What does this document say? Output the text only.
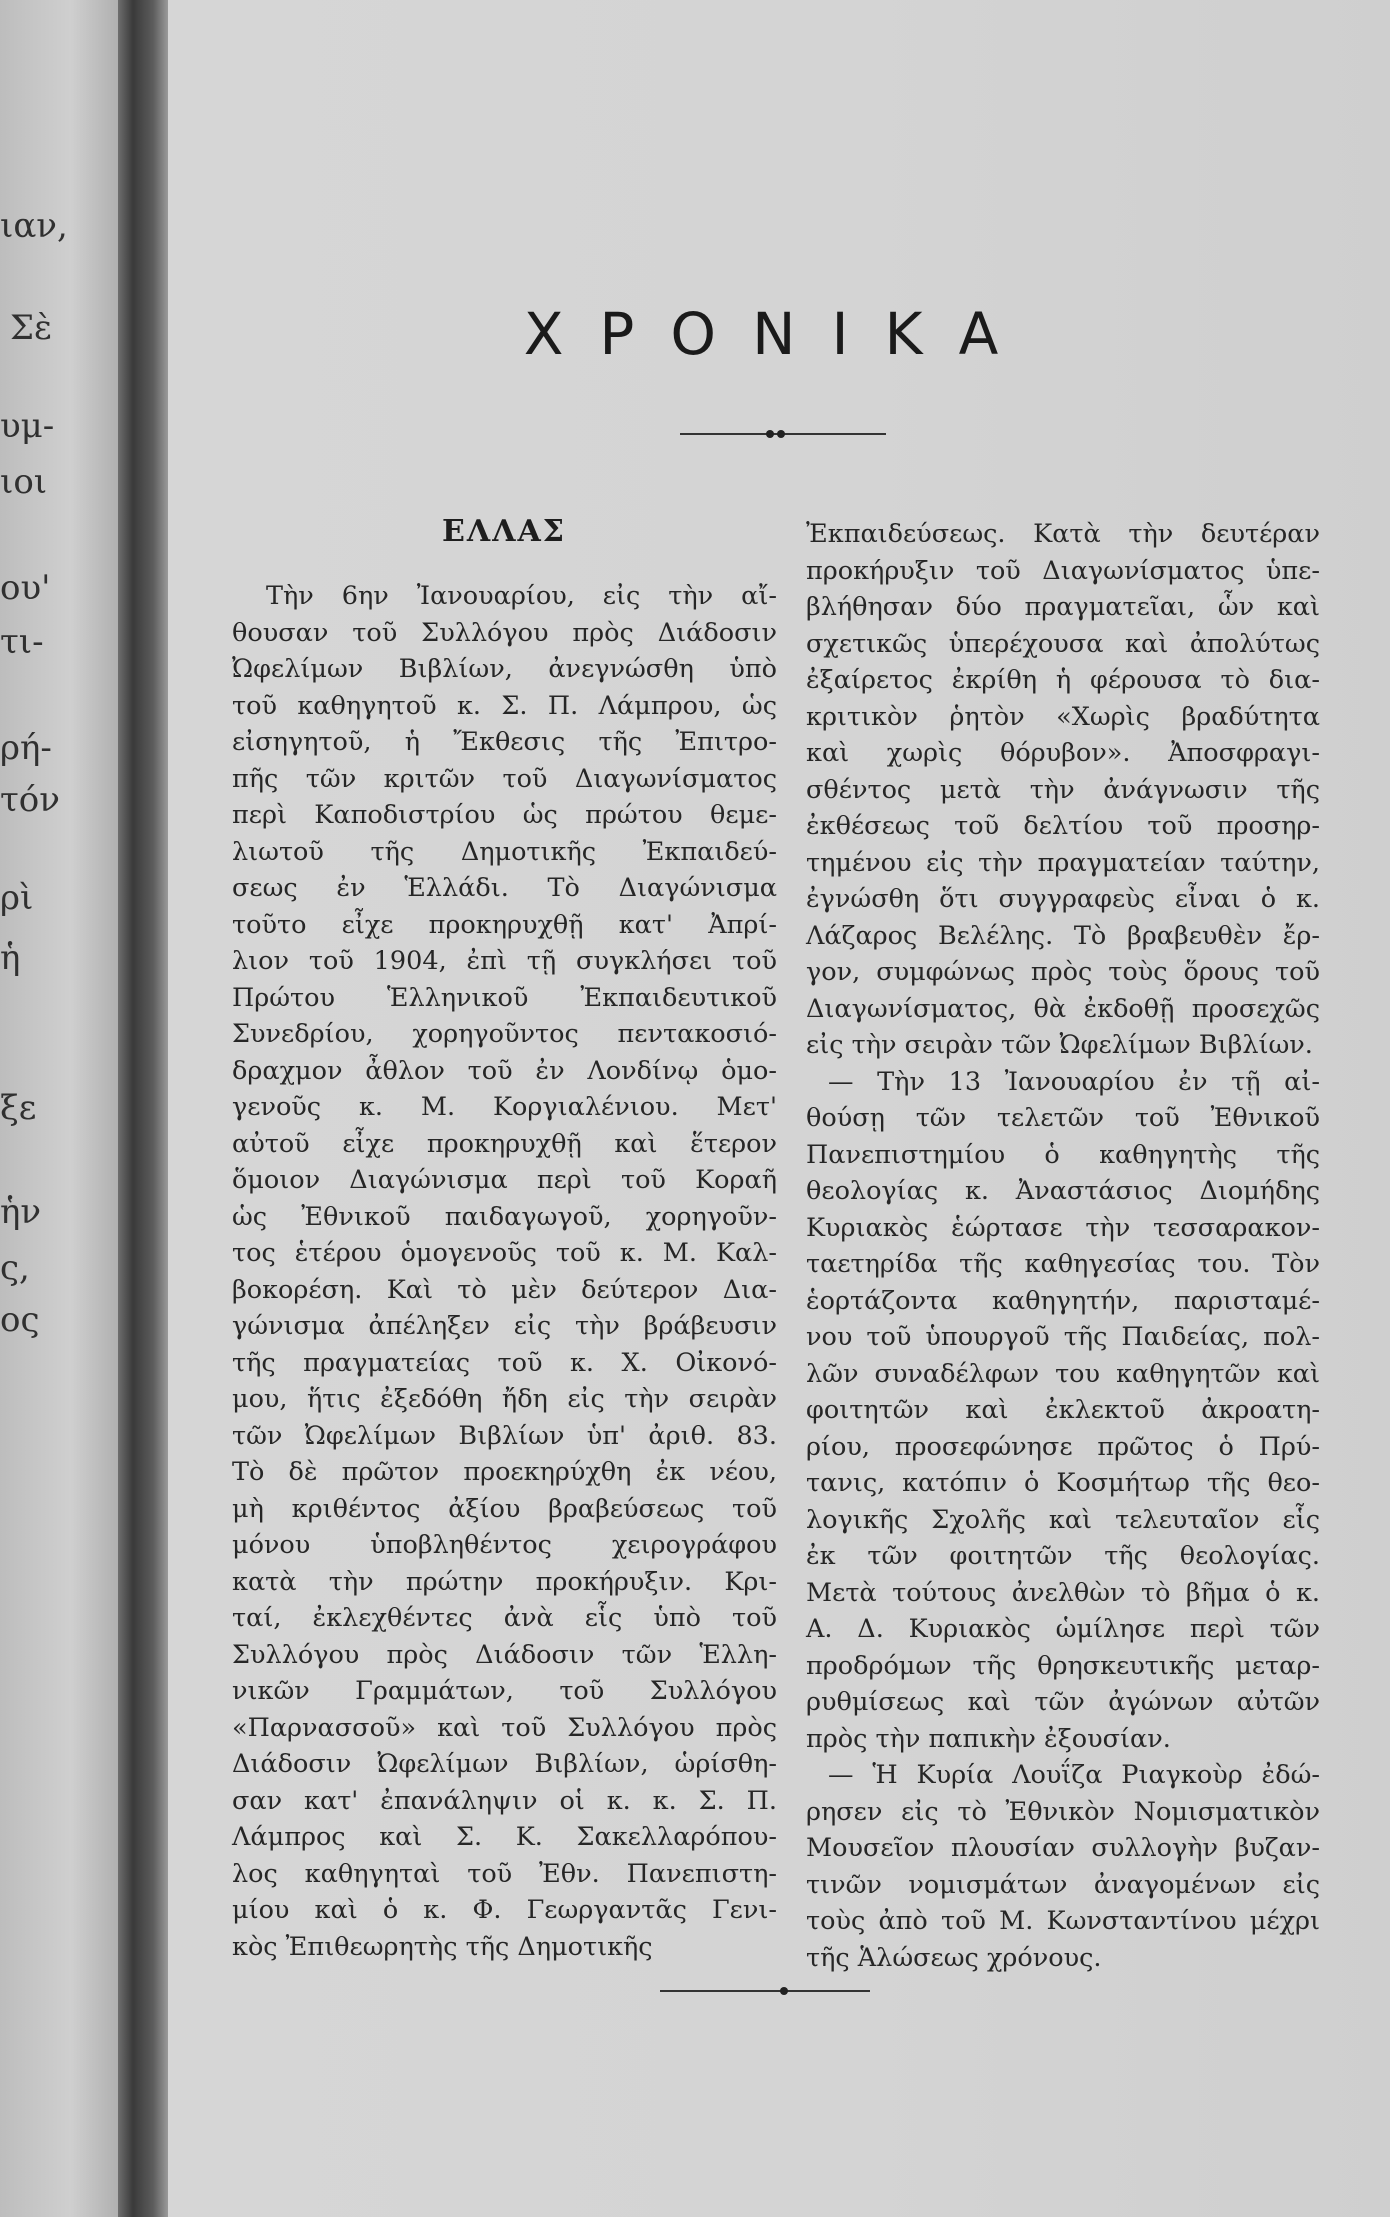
ιαν,
Σὲ
υμ-
ιοι
ου'
τι-
ρή-
τόν
ρὶ
ἡ
ξε
ἡν
ς,
ος
ΧΡΟΝΙΚΑ
ΕΛΛΑΣ
Τὴν 6ην Ἰανουαρίου, εἰς τὴν αἴ-
θουσαν τοῦ Συλλόγου πρὸς Διάδοσιν
Ὠφελίμων Βιβλίων, ἀνεγνώσθη ὑπὸ
τοῦ καθηγητοῦ κ. Σ. Π. Λάμπρου, ὡς
εἰσηγητοῦ, ἡ Ἔκθεσις τῆς Ἐπιτρο-
πῆς τῶν κριτῶν τοῦ Διαγωνίσματος
περὶ Καποδιστρίου ὡς πρώτου θεμε-
λιωτοῦ τῆς Δημοτικῆς Ἐκπαιδεύ-
σεως ἐν Ἑλλάδι. Τὸ Διαγώνισμα
τοῦτο εἶχε προκηρυχθῇ κατ' Ἀπρί-
λιον τοῦ 1904, ἐπὶ τῇ συγκλήσει τοῦ
Πρώτου Ἑλληνικοῦ Ἐκπαιδευτικοῦ
Συνεδρίου, χορηγοῦντος πεντακοσιό-
δραχμον ἆθλον τοῦ ἐν Λονδίνῳ ὁμο-
γενοῦς κ. Μ. Κοργιαλένιου. Μετ'
αὐτοῦ εἶχε προκηρυχθῇ καὶ ἕτερον
ὅμοιον Διαγώνισμα περὶ τοῦ Κοραῆ
ὡς Ἐθνικοῦ παιδαγωγοῦ, χορηγοῦν-
τος ἑτέρου ὁμογενοῦς τοῦ κ. Μ. Καλ-
βοκορέση. Καὶ τὸ μὲν δεύτερον Δια-
γώνισμα ἀπέληξεν εἰς τὴν βράβευσιν
τῆς πραγματείας τοῦ κ. Χ. Οἰκονό-
μου, ἥτις ἐξεδόθη ἤδη εἰς τὴν σειρὰν
τῶν Ὠφελίμων Βιβλίων ὑπ' ἀριθ. 83.
Τὸ δὲ πρῶτον προεκηρύχθη ἐκ νέου,
μὴ κριθέντος ἀξίου βραβεύσεως τοῦ
μόνου ὑποβληθέντος χειρογράφου
κατὰ τὴν πρώτην προκήρυξιν. Κρι-
ταί, ἐκλεχθέντες ἀνὰ εἷς ὑπὸ τοῦ
Συλλόγου πρὸς Διάδοσιν τῶν Ἑλλη-
νικῶν Γραμμάτων, τοῦ Συλλόγου
«Παρνασσοῦ» καὶ τοῦ Συλλόγου πρὸς
Διάδοσιν Ὠφελίμων Βιβλίων, ὡρίσθη-
σαν κατ' ἐπανάληψιν οἱ κ. κ. Σ. Π.
Λάμπρος καὶ Σ. Κ. Σακελλαρόπου-
λος καθηγηταὶ τοῦ Ἐθν. Πανεπιστη-
μίου καὶ ὁ κ. Φ. Γεωργαντᾶς Γενι-
κὸς Ἐπιθεωρητὴς τῆς Δημοτικῆς
Ἐκπαιδεύσεως. Κατὰ τὴν δευτέραν
προκήρυξιν τοῦ Διαγωνίσματος ὑπε-
βλήθησαν δύο πραγματεῖαι, ὧν καὶ
σχετικῶς ὑπερέχουσα καὶ ἀπολύτως
ἐξαίρετος ἐκρίθη ἡ φέρουσα τὸ δια-
κριτικὸν ῥητὸν «Χωρὶς βραδύτητα
καὶ χωρὶς θόρυβον». Ἀποσφραγι-
σθέντος μετὰ τὴν ἀνάγνωσιν τῆς
ἐκθέσεως τοῦ δελτίου τοῦ προσηρ-
τημένου εἰς τὴν πραγματείαν ταύτην,
ἐγνώσθη ὅτι συγγραφεὺς εἶναι ὁ κ.
Λάζαρος Βελέλης. Τὸ βραβευθὲν ἔρ-
γον, συμφώνως πρὸς τοὺς ὅρους τοῦ
Διαγωνίσματος, θὰ ἐκδοθῇ προσεχῶς
εἰς τὴν σειρὰν τῶν Ὠφελίμων Βιβλίων.
— Τὴν 13 Ἰανουαρίου ἐν τῇ αἰ-
θούσῃ τῶν τελετῶν τοῦ Ἐθνικοῦ
Πανεπιστημίου ὁ καθηγητὴς τῆς
θεολογίας κ. Ἀναστάσιος Διομήδης
Κυριακὸς ἑώρτασε τὴν τεσσαρακον-
ταετηρίδα τῆς καθηγεσίας του. Τὸν
ἑορτάζοντα καθηγητήν, παρισταμέ-
νου τοῦ ὑπουργοῦ τῆς Παιδείας, πολ-
λῶν συναδέλφων του καθηγητῶν καὶ
φοιτητῶν καὶ ἐκλεκτοῦ ἀκροατη-
ρίου, προσεφώνησε πρῶτος ὁ Πρύ-
τανις, κατόπιν ὁ Κοσμήτωρ τῆς θεο-
λογικῆς Σχολῆς καὶ τελευταῖον εἷς
ἐκ τῶν φοιτητῶν τῆς θεολογίας.
Μετὰ τούτους ἀνελθὼν τὸ βῆμα ὁ κ.
Α. Δ. Κυριακὸς ὡμίλησε περὶ τῶν
προδρόμων τῆς θρησκευτικῆς μεταρ-
ρυθμίσεως καὶ τῶν ἀγώνων αὐτῶν
πρὸς τὴν παπικὴν ἐξουσίαν.
— Ἡ Κυρία Λουΐζα Ριαγκοὺρ ἐδώ-
ρησεν εἰς τὸ Ἐθνικὸν Νομισματικὸν
Μουσεῖον πλουσίαν συλλογὴν βυζαν-
τινῶν νομισμάτων ἀναγομένων εἰς
τοὺς ἀπὸ τοῦ Μ. Κωνσταντίνου μέχρι
τῆς Ἁλώσεως χρόνους.
